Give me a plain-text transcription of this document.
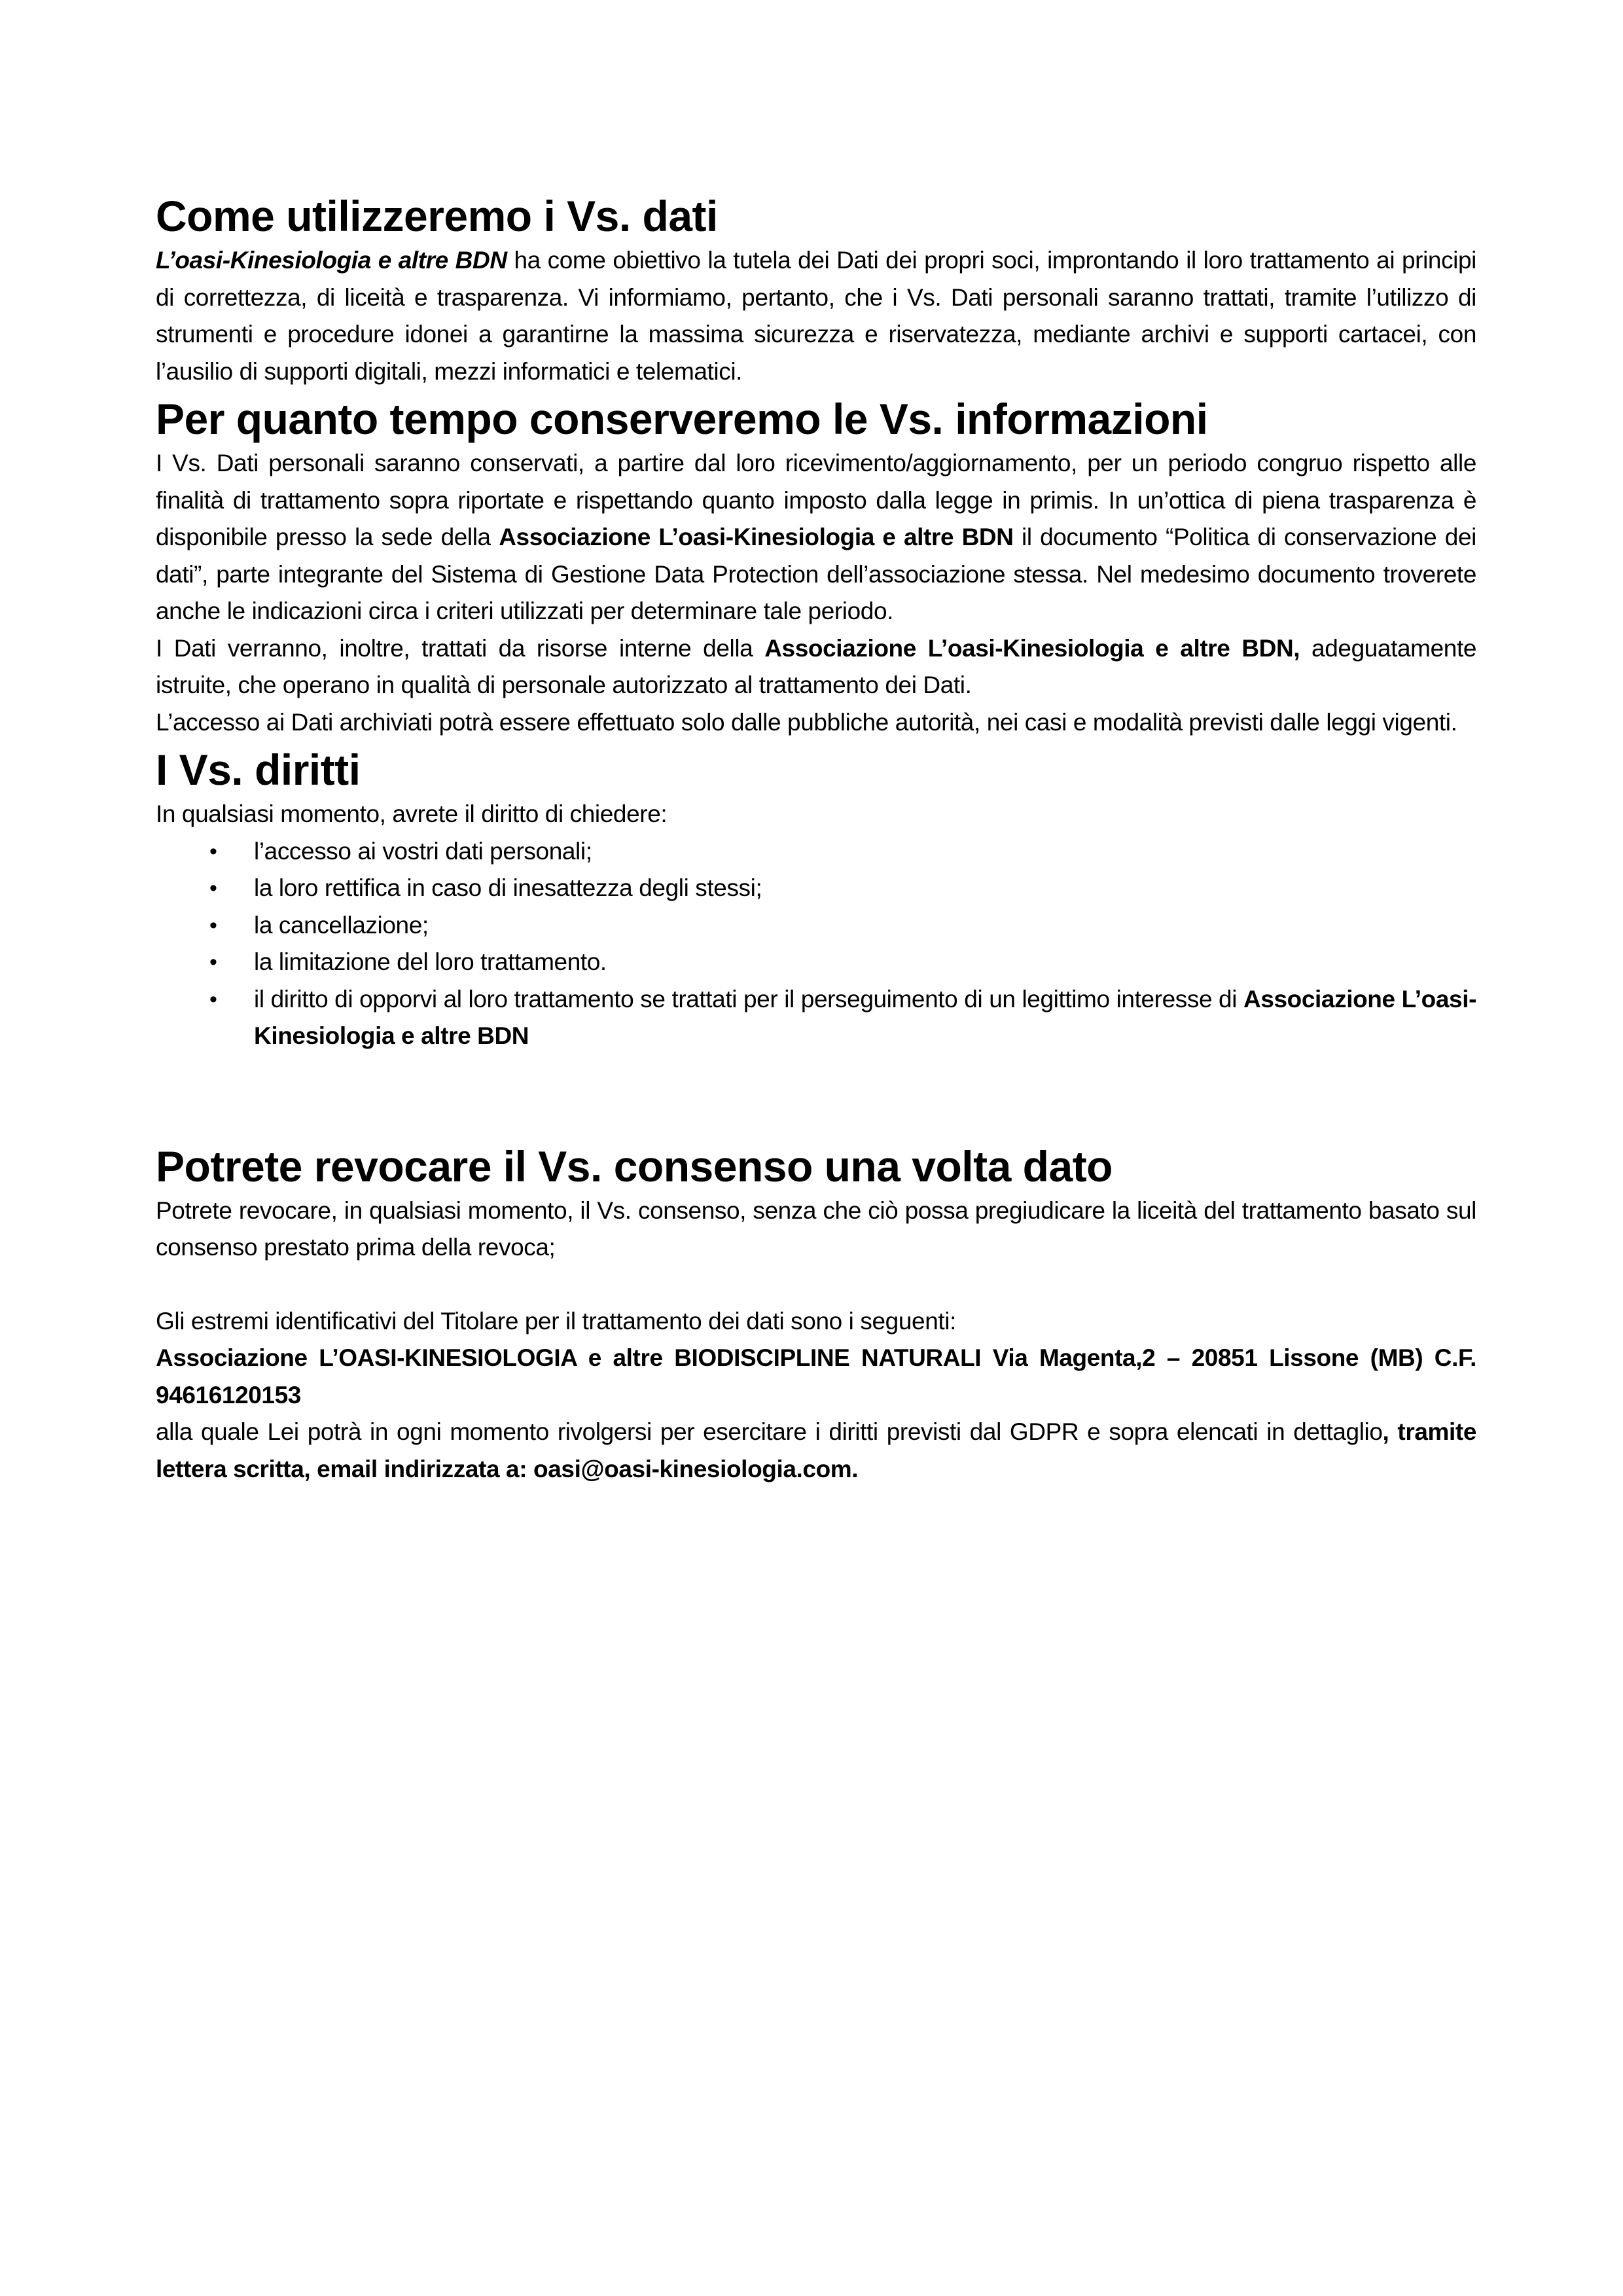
Come utilizzeremo i Vs. dati

L’oasi-Kinesiologia e altre BDN ha come obiettivo la tutela dei Dati dei propri soci, improntando il loro trattamento ai principi di correttezza, di liceità e trasparenza. Vi informiamo, pertanto, che i Vs. Dati personali saranno trattati, tramite l’utilizzo di strumenti e procedure idonei a garantirne la massima sicurezza e riservatezza, mediante archivi e supporti cartacei, con l’ausilio di supporti digitali, mezzi informatici e telematici.

Per quanto tempo conserveremo le Vs. informazioni

I Vs. Dati personali saranno conservati, a partire dal loro ricevimento/aggiornamento, per un periodo congruo rispetto alle finalità di trattamento sopra riportate e rispettando quanto imposto dalla legge in primis. In un’ottica di piena trasparenza è disponibile presso la sede della Associazione L’oasi-Kinesiologia e altre BDN il documento “Politica di conservazione dei dati”, parte integrante del Sistema di Gestione Data Protection dell’associazione stessa. Nel medesimo documento troverete anche le indicazioni circa i criteri utilizzati per determinare tale periodo.

I Dati verranno, inoltre, trattati da risorse interne della Associazione L’oasi-Kinesiologia e altre BDN, adeguatamente istruite, che operano in qualità di personale autorizzato al trattamento dei Dati.

L’accesso ai Dati archiviati potrà essere effettuato solo dalle pubbliche autorità, nei casi e modalità previsti dalle leggi vigenti.

I Vs. diritti

In qualsiasi momento, avrete il diritto di chiedere:

• l’accesso ai vostri dati personali;
• la loro rettifica in caso di inesattezza degli stessi;
• la cancellazione;
• la limitazione del loro trattamento.
• il diritto di opporvi al loro trattamento se trattati per il perseguimento di un legittimo interesse di Associazione L’oasi-Kinesiologia e altre BDN
Potrete revocare il Vs. consenso una volta dato

Potrete revocare, in qualsiasi momento, il Vs. consenso, senza che ciò possa pregiudicare la liceità del trattamento basato sul consenso prestato prima della revoca;

Gli estremi identificativi del Titolare per il trattamento dei dati sono i seguenti:

Associazione L’OASI-KINESIOLOGIA e altre BIODISCIPLINE NATURALI Via Magenta,2 – 20851 Lissone (MB) C.F. 94616120153

alla quale Lei potrà in ogni momento rivolgersi per esercitare i diritti previsti dal GDPR e sopra elencati in dettaglio, tramite lettera scritta, email indirizzata a: oasi@oasi-kinesiologia.com.
